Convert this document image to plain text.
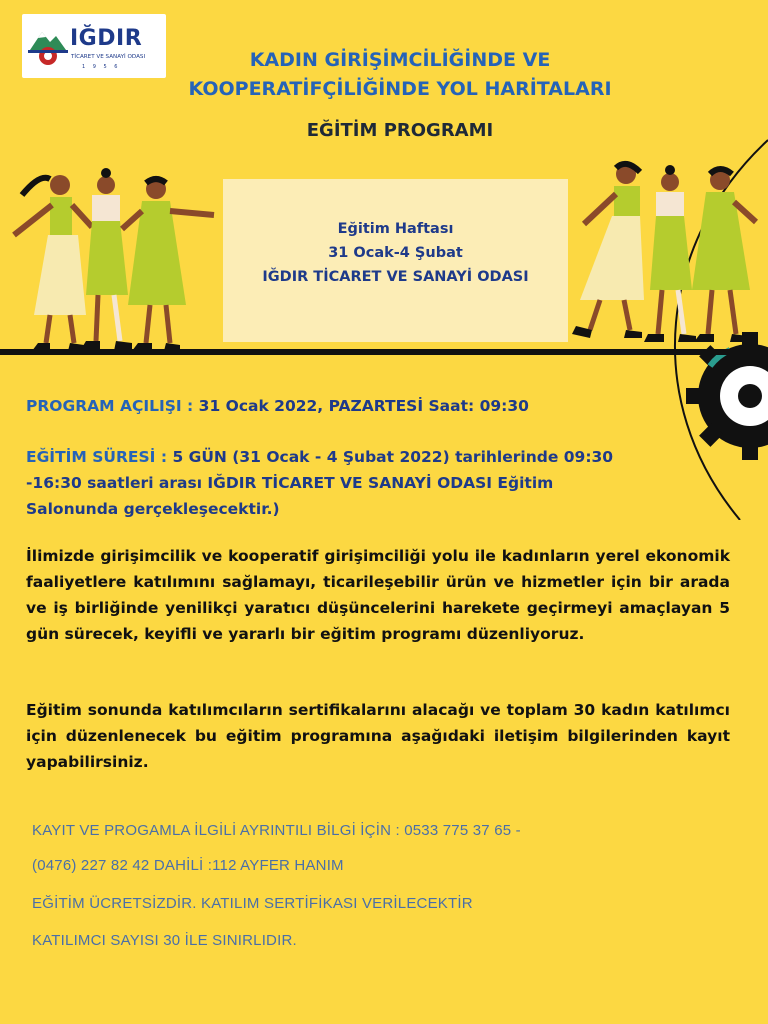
IĞDIR
TİCARET VE SANAYİ ODASI
1 9 5 6	KADIN GİRİŞİMCİLİĞİNDE VE
KOOPERATİFÇİLİĞİNDE YOL HARİTALARI
EĞİTİM PROGRAMI
Eğitim Haftası
31 Ocak-4 Şubat
IĞDIR TİCARET VE SANAYİ ODASI
PROGRAM AÇILIŞI : 31 Ocak 2022, PAZARTESİ Saat: 09:30
EĞİTİM SÜRESİ : 5 GÜN (31 Ocak - 4 Şubat 2022) tarihlerinde 09:30
-16:30 saatleri arası IĞDIR TİCARET VE SANAYİ ODASI Eğitim
Salonunda gerçekleşecektir.)
İlimizde girişimcilik ve kooperatif girişimciliği yolu ile kadınların yerel ekonomik faaliyetlere katılımını sağlamayı, ticarileşebilir ürün ve hizmetler için bir arada ve iş birliğinde yenilikçi yaratıcı düşüncelerini harekete geçirmeyi amaçlayan 5 gün sürecek, keyifli ve yararlı bir eğitim programı düzenliyoruz.
Eğitim sonunda katılımcıların sertifikalarını alacağı ve toplam 30 kadın katılımcı için düzenlenecek bu eğitim programına aşağıdaki iletişim bilgilerinden kayıt yapabilirsiniz.
KAYIT VE PROGAMLA İLGİLİ AYRINTILI BİLGİ İÇİN : 0533 775 37 65 -
(0476) 227 82 42 DAHİLİ :112 AYFER HANIM
EĞİTİM ÜCRETSİZDİR. KATILIM SERTİFİKASI VERİLECEKTİR
KATILIMCI SAYISI 30 İLE SINIRLIDIR.
